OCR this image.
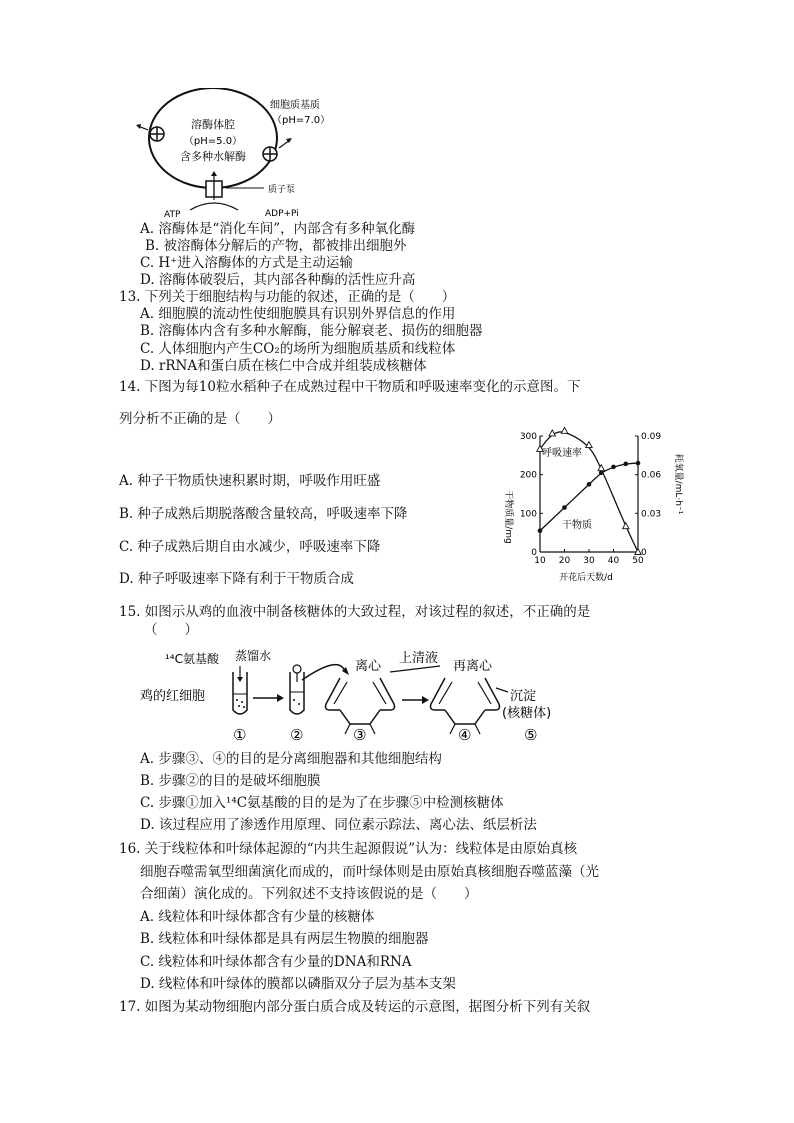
溶酶体腔
（pH=5.0）
含多种水解酶
细胞质基质
（pH=7.0）
质子泵
ATP	ADP+Pi
A. 溶酶体是“消化车间”，内部含有多种氧化酶
B. 被溶酶体分解后的产物，都被排出细胞外
C. H⁺进入溶酶体的方式是主动运输
D. 溶酶体破裂后，其内部各种酶的活性应升高
13. 下列关于细胞结构与功能的叙述，正确的是（　　）
A. 细胞膜的流动性使细胞膜具有识别外界信息的作用
B. 溶酶体内含有多种水解酶，能分解衰老、损伤的细胞器
C. 人体细胞内产生CO₂的场所为细胞质基质和线粒体
D. rRNA和蛋白质在核仁中合成并组装成核糖体
14. 下图为每10粒水稻种子在成熟过程中干物质和呼吸速率变化的示意图。下
列分析不正确的是（　　）
A. 种子干物质快速积累时期，呼吸作用旺盛
B. 种子成熟后期脱落酸含量较高，呼吸速率下降
C. 种子成熟后期自由水减少，呼吸速率下降
D. 种子呼吸速率下降有利于干物质合成
10 20 30 40 50
0
100
200
300
0
0.03
0.06
0.09
干物质量/mg
耗氧量/mL·h⁻¹
开花后天数/d
呼吸速率
干物质
15. 如图示从鸡的血液中制备核糖体的大致过程，对该过程的叙述，不正确的是
（　　）
¹⁴C氨基酸 蒸馏水
鸡的红细胞
离心
上清液
再离心
沉淀
(核糖体)
①	②	③	④	⑤
A. 步骤③、④的目的是分离细胞器和其他细胞结构
B. 步骤②的目的是破坏细胞膜
C. 步骤①加入¹⁴C氨基酸的目的是为了在步骤⑤中检测核糖体
D. 该过程应用了渗透作用原理、同位素示踪法、离心法、纸层析法
16. 关于线粒体和叶绿体起源的“内共生起源假说”认为：线粒体是由原始真核
细胞吞噬需氧型细菌演化而成的，而叶绿体则是由原始真核细胞吞噬蓝藻（光
合细菌）演化成的。下列叙述不支持该假说的是（　　）
A. 线粒体和叶绿体都含有少量的核糖体
B. 线粒体和叶绿体都是具有两层生物膜的细胞器
C. 线粒体和叶绿体都含有少量的DNA和RNA
D. 线粒体和叶绿体的膜都以磷脂双分子层为基本支架
17. 如图为某动物细胞内部分蛋白质合成及转运的示意图，据图分析下列有关叙
